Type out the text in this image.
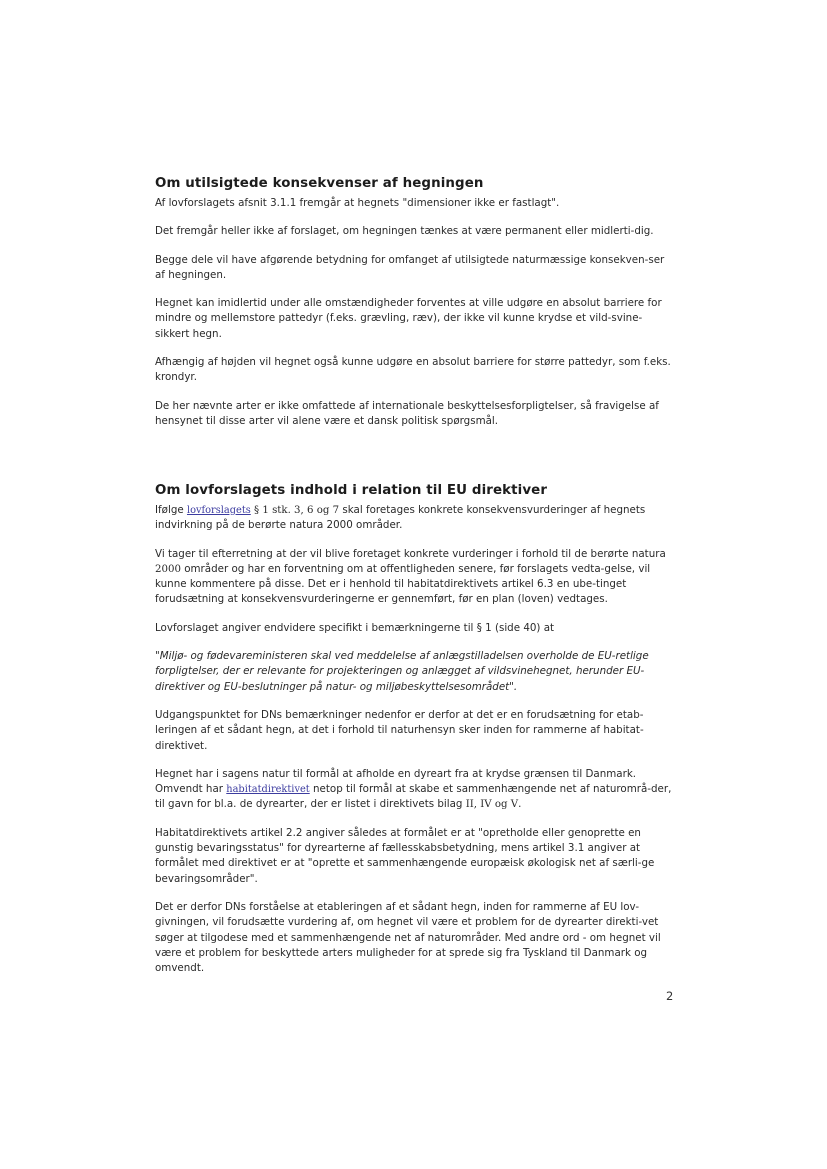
Om utilsigtede konsekvenser af hegningen

Af lovforslagets afsnit 3.1.1 fremgår at hegnets "dimensioner ikke er fastlagt".

Det fremgår heller ikke af forslaget, om hegningen tænkes at være permanent eller midlerti-dig.

Begge dele vil have afgørende betydning for omfanget af utilsigtede naturmæssige konsekven-ser af hegningen.

Hegnet kan imidlertid under alle omstændigheder forventes at ville udgøre en absolut barriere for mindre og mellemstore pattedyr (f.eks. grævling, ræv), der ikke vil kunne krydse et vild-svine-sikkert hegn.

Afhængig af højden vil hegnet også kunne udgøre en absolut barriere for større pattedyr, som f.eks. krondyr.

De her nævnte arter er ikke omfattede af internationale beskyttelsesforpligtelser, så fravigelse af hensynet til disse arter vil alene være et dansk politisk spørgsmål.

Om lovforslagets indhold i relation til EU direktiver

Ifølge lovforslagets § 1 stk. 3, 6 og 7 skal foretages konkrete konsekvensvurderinger af hegnets indvirkning på de berørte natura 2000 områder.

Vi tager til efterretning at der vil blive foretaget konkrete vurderinger i forhold til de berørte natura 2000 områder og har en forventning om at offentligheden senere, før forslagets vedta-gelse, vil kunne kommentere på disse. Det er i henhold til habitatdirektivets artikel 6.3 en ube-tinget forudsætning at konsekvensvurderingerne er gennemført, før en plan (loven) vedtages.

Lovforslaget angiver endvidere specifikt i bemærkningerne til § 1 (side 40) at

"Miljø- og fødevareministeren skal ved meddelelse af anlægstilladelsen overholde de EU-retlige forpligtelser, der er relevante for projekteringen og anlægget af vildsvinehegnet, herunder EU-direktiver og EU-beslutninger på natur- og miljøbeskyttelsesområdet".

Udgangspunktet for DNs bemærkninger nedenfor er derfor at det er en forudsætning for etab-leringen af et sådant hegn, at det i forhold til naturhensyn sker inden for rammerne af habitat-direktivet.

Hegnet har i sagens natur til formål at afholde en dyreart fra at krydse grænsen til Danmark. Omvendt har habitatdirektivet netop til formål at skabe et sammenhængende net af naturområ-der, til gavn for bl.a. de dyrearter, der er listet i direktivets bilag II, IV og V.

Habitatdirektivets artikel 2.2 angiver således at formålet er at "opretholde eller genoprette en gunstig bevaringsstatus" for dyrearterne af fællesskabsbetydning, mens artikel 3.1 angiver at formålet med direktivet er at "oprette et sammenhængende europæisk økologisk net af særli-ge bevaringsområder".

Det er derfor DNs forståelse at etableringen af et sådant hegn, inden for rammerne af EU lov-givningen, vil forudsætte vurdering af, om hegnet vil være et problem for de dyrearter direkti-vet søger at tilgodese med et sammenhængende net af naturområder. Med andre ord - om hegnet vil være et problem for beskyttede arters muligheder for at sprede sig fra Tyskland til Danmark og omvendt.

2
